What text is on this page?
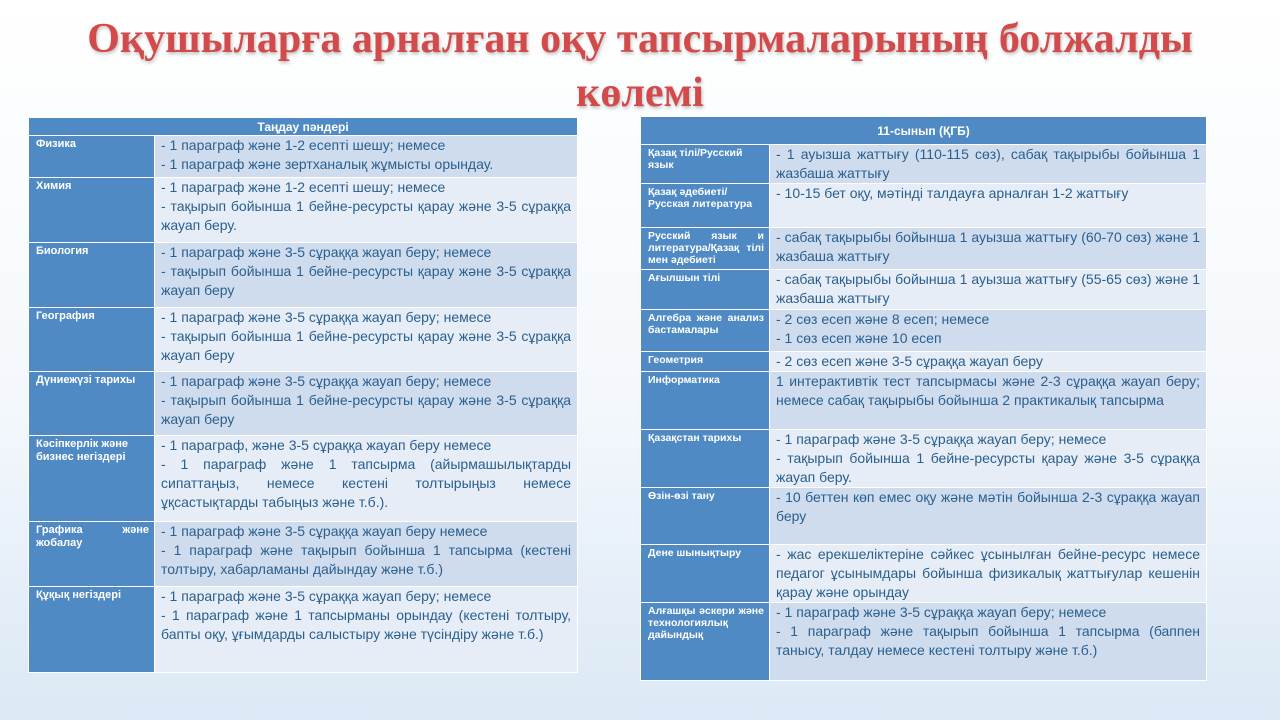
Оқушыларға арналған оқу тапсырмаларының болжалды
көлемі
Таңдау пәндері	
Физика	- 1 параграф және 1-2 есепті шешу; немесе
- 1 параграф және зертханалық жұмысты орындау.

Химия	- 1 параграф және 1-2 есепті шешу; немесе
- тақырып бойынша 1 бейне-ресурсты қарау және 3-5 сұраққа жауап беру.

Биология	- 1 параграф және 3-5 сұраққа жауап беру; немесе
- тақырып бойынша 1 бейне-ресурсты қарау және 3-5 сұраққа жауап беру

География	- 1 параграф және 3-5 сұраққа жауап беру; немесе
- тақырып бойынша 1 бейне-ресурсты қарау және 3-5 сұраққа жауап беру

Дүниежүзі тарихы	- 1 параграф және 3-5 сұраққа жауап беру; немесе
- тақырып бойынша 1 бейне-ресурсты қарау және 3-5 сұраққа жауап беру

Кәсіпкерлік және бизнес негіздері	- 1 параграф, және 3-5 сұраққа жауап беру немесе
- 1 параграф және 1 тапсырма (айырмашылықтарды сипаттаңыз, немесе кестені толтырыңыз немесе ұқсастықтарды табыңыз және т.б.).

Графика және жобалау	- 1 параграф және 3-5 сұраққа жауап беру немесе
- 1 параграф және тақырып бойынша 1 тапсырма (кестені толтыру, хабарламаны дайындау және т.б.)

Құқық негіздері	- 1 параграф және 3-5 сұраққа жауап беру; немесе
- 1 параграф және 1 тапсырманы орындау (кестені толтыру, бапты оқу, ұғымдарды салыстыру және түсіндіру және т.б.)
11-сынып (ҚГБ)	
Қазақ тілі/Русский язык	- 1 ауызша жаттығу (110-115 сөз), сабақ тақырыбы бойынша 1 жазбаша жаттығу

Қазақ әдебиеті/Русская литература	- 10-15 бет оқу, мәтінді талдауға арналған 1-2 жаттығу

Русский язык и литература/Қазақ тілі мен әдебиеті	- сабақ тақырыбы бойынша 1 ауызша жаттығу (60-70 сөз) және 1 жазбаша жаттығу

Ағылшын тілі	- сабақ тақырыбы бойынша 1 ауызша жаттығу (55-65 сөз) және 1 жазбаша жаттығу

Алгебра және анализ бастамалары	- 2 сөз есеп және 8 есеп; немесе
- 1 сөз есеп және 10 есеп

Геометрия	- 2 сөз есеп және 3-5 сұраққа жауап беру

Информатика	1 интерактивтік тест тапсырмасы және 2-3 сұраққа жауап беру; немесе сабақ тақырыбы бойынша 2 практикалық тапсырма

Қазақстан тарихы	- 1 параграф және 3-5 сұраққа жауап беру; немесе
- тақырып бойынша 1 бейне-ресурсты қарау және 3-5 сұраққа жауап беру.

Өзін-өзі тану	- 10 беттен көп емес оқу және мәтін бойынша 2-3 сұраққа жауап беру

Дене шынықтыру	- жас ерекшеліктеріне сәйкес ұсынылған бейне-ресурс немесе педагог ұсынымдары бойынша физикалық жаттығулар кешенін қарау және орындау

Алғашқы әскери және технологиялық дайындық	- 1 параграф және 3-5 сұраққа жауап беру; немесе
- 1 параграф және тақырып бойынша 1 тапсырма (баппен танысу, талдау немесе кестені толтыру және т.б.)
